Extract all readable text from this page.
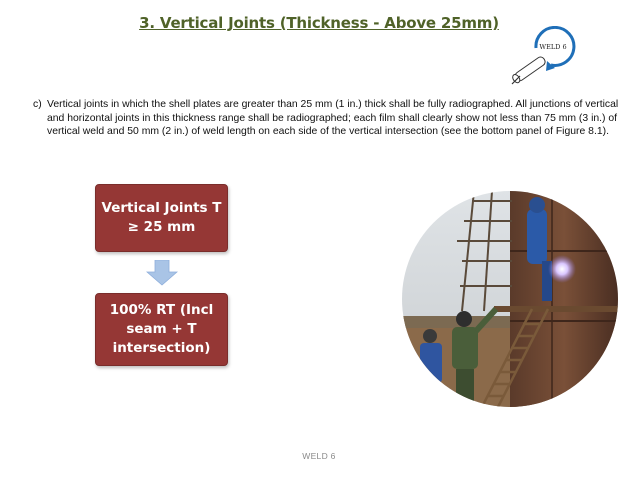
3. Vertical Joints (Thickness - Above 25mm)
WELD 6
c) Vertical joints in which the shell plates are greater than 25 mm (1 in.) thick shall be fully radiographed. All junctions of vertical and horizontal joints in this thickness range shall be radiographed; each film shall clearly show not less than 75 mm (3 in.) of vertical weld and 50 mm (2 in.) of weld length on each side of the vertical intersection (see the bottom panel of Figure 8.1).
Vertical Joints T
≥ 25 mm
100% RT (Incl
seam + T
intersection)
WELD 6
